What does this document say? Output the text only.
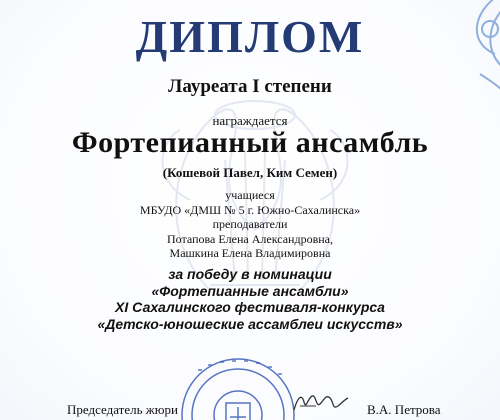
ДИПЛОМ
Лауреата I степени
награждается
Фортепианный ансамбль
(Кошевой Павел, Ким Семен)
учащиеся
МБУДО «ДМШ № 5 г. Южно-Сахалинска»
преподаватели
Потапова Елена Александровна,
Машкина Елена Владимировна
за победу в номинации
«Фортепианные ансамбли»
XI Сахалинского фестиваля-конкурса
«Детско-юношеские ассамблеи искусств»
Председатель жюри	В.А. Петрова
